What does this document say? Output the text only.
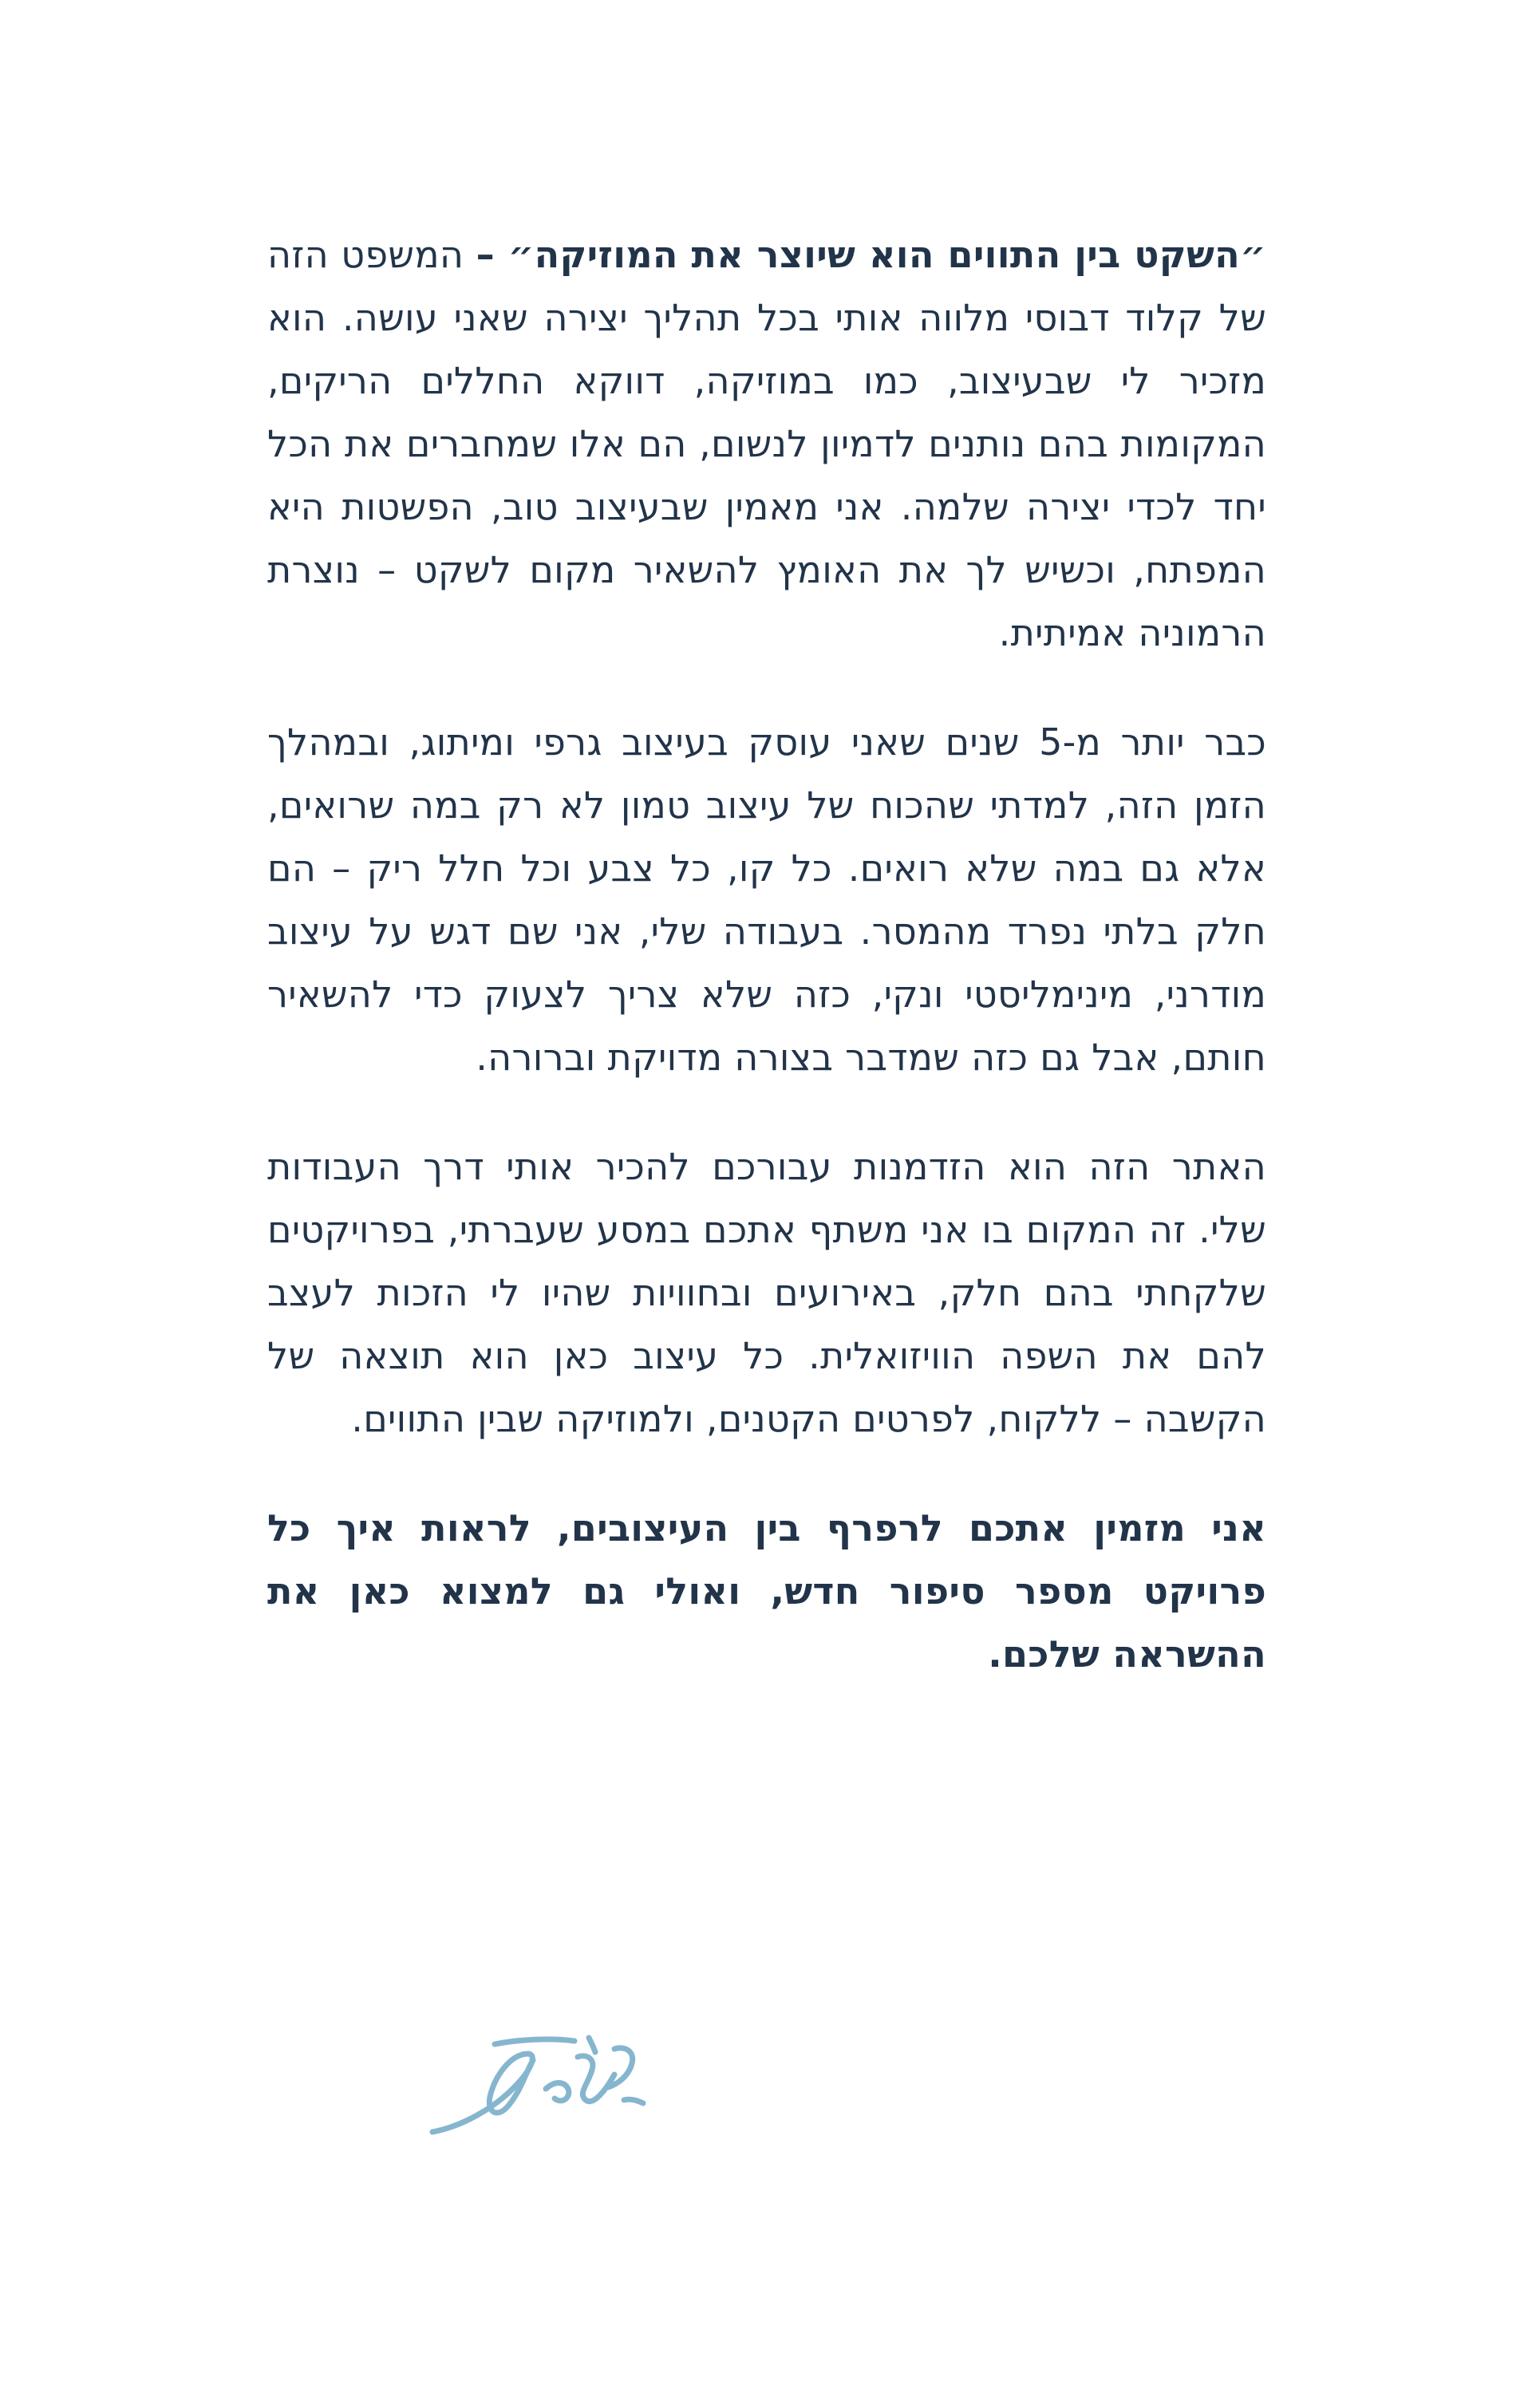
״השקט בין התווים הוא שיוצר את המוזיקה״ – המשפט הזה של קלוד דבוסי מלווה אותי בכל תהליך יצירה שאני עושה. הוא מזכיר לי שבעיצוב, כמו במוזיקה, דווקא החללים הריקים, המקומות בהם נותנים לדמיון לנשום, הם אלו שמחברים את הכל יחד לכדי יצירה שלמה. אני מאמין שבעיצוב טוב, הפשטות היא המפתח, וכשיש לך את האומץ להשאיר מקום לשקט – נוצרת הרמוניה אמיתית.

כבר יותר מ-5 שנים שאני עוסק בעיצוב גרפי ומיתוג, ובמהלך הזמן הזה, למדתי שהכוח של עיצוב טמון לא רק במה שרואים, אלא גם במה שלא רואים. כל קו, כל צבע וכל חלל ריק – הם חלק בלתי נפרד מהמסר. בעבודה שלי, אני שם דגש על עיצוב מודרני, מינימליסטי ונקי, כזה שלא צריך לצעוק כדי להשאיר חותם, אבל גם כזה שמדבר בצורה מדויקת וברורה.

האתר הזה הוא הזדמנות עבורכם להכיר אותי דרך העבודות שלי. זה המקום בו אני משתף אתכם במסע שעברתי, בפרויקטים שלקחתי בהם חלק, באירועים ובחוויות שהיו לי הזכות לעצב להם את השפה הוויזואלית. כל עיצוב כאן הוא תוצאה של הקשבה – ללקוח, לפרטים הקטנים, ולמוזיקה שבין התווים.

אני מזמין אתכם לרפרף בין העיצובים, לראות איך כל פרויקט מספר סיפור חדש, ואולי גם למצוא כאן את ההשראה שלכם.
